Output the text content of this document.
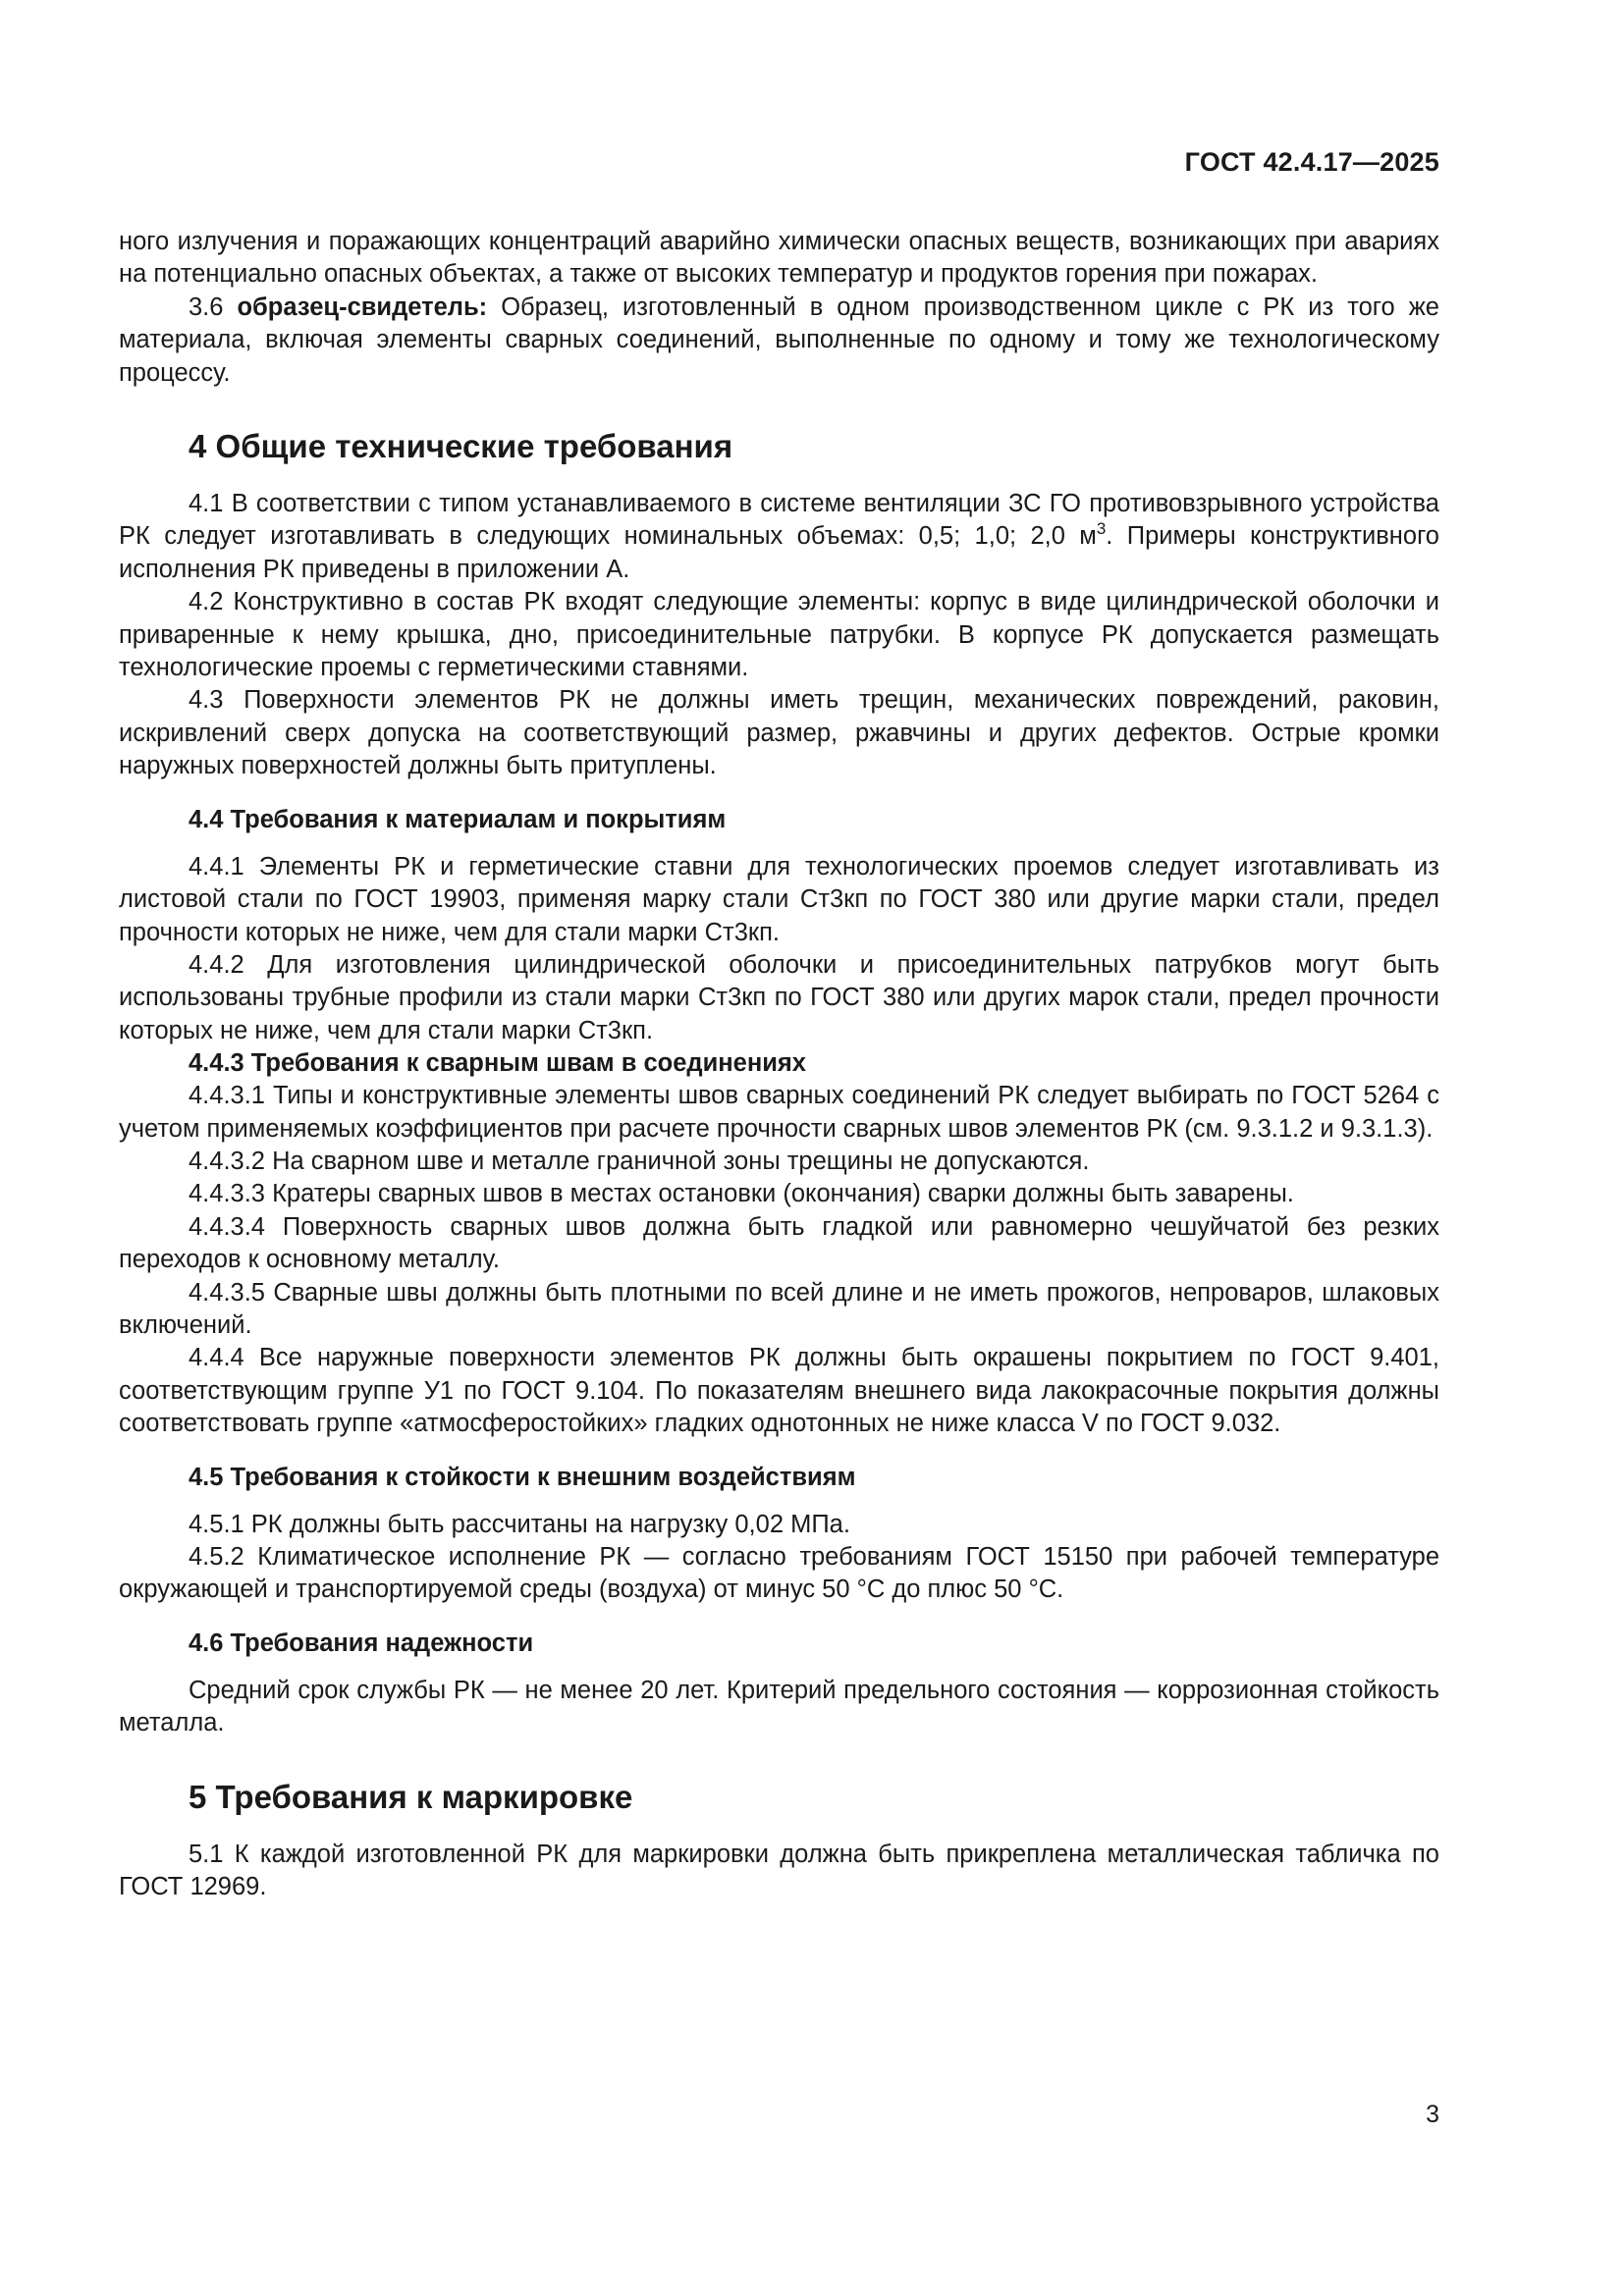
ГОСТ 42.4.17—2025

ного излучения и поражающих концентраций аварийно химически опасных веществ, возникающих при авариях на потенциально опасных объектах, а также от высоких температур и продуктов горения при пожарах.

3.6 образец-свидетель: Образец, изготовленный в одном производственном цикле с РК из того же материала, включая элементы сварных соединений, выполненные по одному и тому же технологическому процессу.

4 Общие технические требования

4.1 В соответствии с типом устанавливаемого в системе вентиляции ЗС ГО противовзрывного устройства РК следует изготавливать в следующих номинальных объемах: 0,5; 1,0; 2,0 $м^3$. Примеры конструктивного исполнения РК приведены в приложении А.

4.2 Конструктивно в состав РК входят следующие элементы: корпус в виде цилиндрической оболочки и приваренные к нему крышка, дно, присоединительные патрубки. В корпусе РК допускается размещать технологические проемы с герметическими ставнями.

4.3 Поверхности элементов РК не должны иметь трещин, механических повреждений, раковин, искривлений сверх допуска на соответствующий размер, ржавчины и других дефектов. Острые кромки наружных поверхностей должны быть притуплены.

4.4 Требования к материалам и покрытиям

4.4.1 Элементы РК и герметические ставни для технологических проемов следует изготавливать из листовой стали по ГОСТ 19903, применяя марку стали Ст3кп по ГОСТ 380 или другие марки стали, предел прочности которых не ниже, чем для стали марки Ст3кп.

4.4.2 Для изготовления цилиндрической оболочки и присоединительных патрубков могут быть использованы трубные профили из стали марки Ст3кп по ГОСТ 380 или других марок стали, предел прочности которых не ниже, чем для стали марки Ст3кп.

4.4.3 Требования к сварным швам в соединениях

4.4.3.1 Типы и конструктивные элементы швов сварных соединений РК следует выбирать по ГОСТ 5264 с учетом применяемых коэффициентов при расчете прочности сварных швов элементов РК (см. 9.3.1.2 и 9.3.1.3).

4.4.3.2 На сварном шве и металле граничной зоны трещины не допускаются.

4.4.3.3 Кратеры сварных швов в местах остановки (окончания) сварки должны быть заварены.

4.4.3.4 Поверхность сварных швов должна быть гладкой или равномерно чешуйчатой без резких переходов к основному металлу.

4.4.3.5 Сварные швы должны быть плотными по всей длине и не иметь прожогов, непроваров, шлаковых включений.

4.4.4 Все наружные поверхности элементов РК должны быть окрашены покрытием по ГОСТ 9.401, соответствующим группе У1 по ГОСТ 9.104. По показателям внешнего вида лакокрасочные покрытия должны соответствовать группе «атмосферостойких» гладких однотонных не ниже класса V по ГОСТ 9.032.

4.5 Требования к стойкости к внешним воздействиям

4.5.1 РК должны быть рассчитаны на нагрузку 0,02 МПа.

4.5.2 Климатическое исполнение РК — согласно требованиям ГОСТ 15150 при рабочей температуре окружающей и транспортируемой среды (воздуха) от минус 50 °С до плюс 50 °С.

4.6 Требования надежности

Средний срок службы РК — не менее 20 лет. Критерий предельного состояния — коррозионная стойкость металла.

5 Требования к маркировке

5.1 К каждой изготовленной РК для маркировки должна быть прикреплена металлическая табличка по ГОСТ 12969.

3
